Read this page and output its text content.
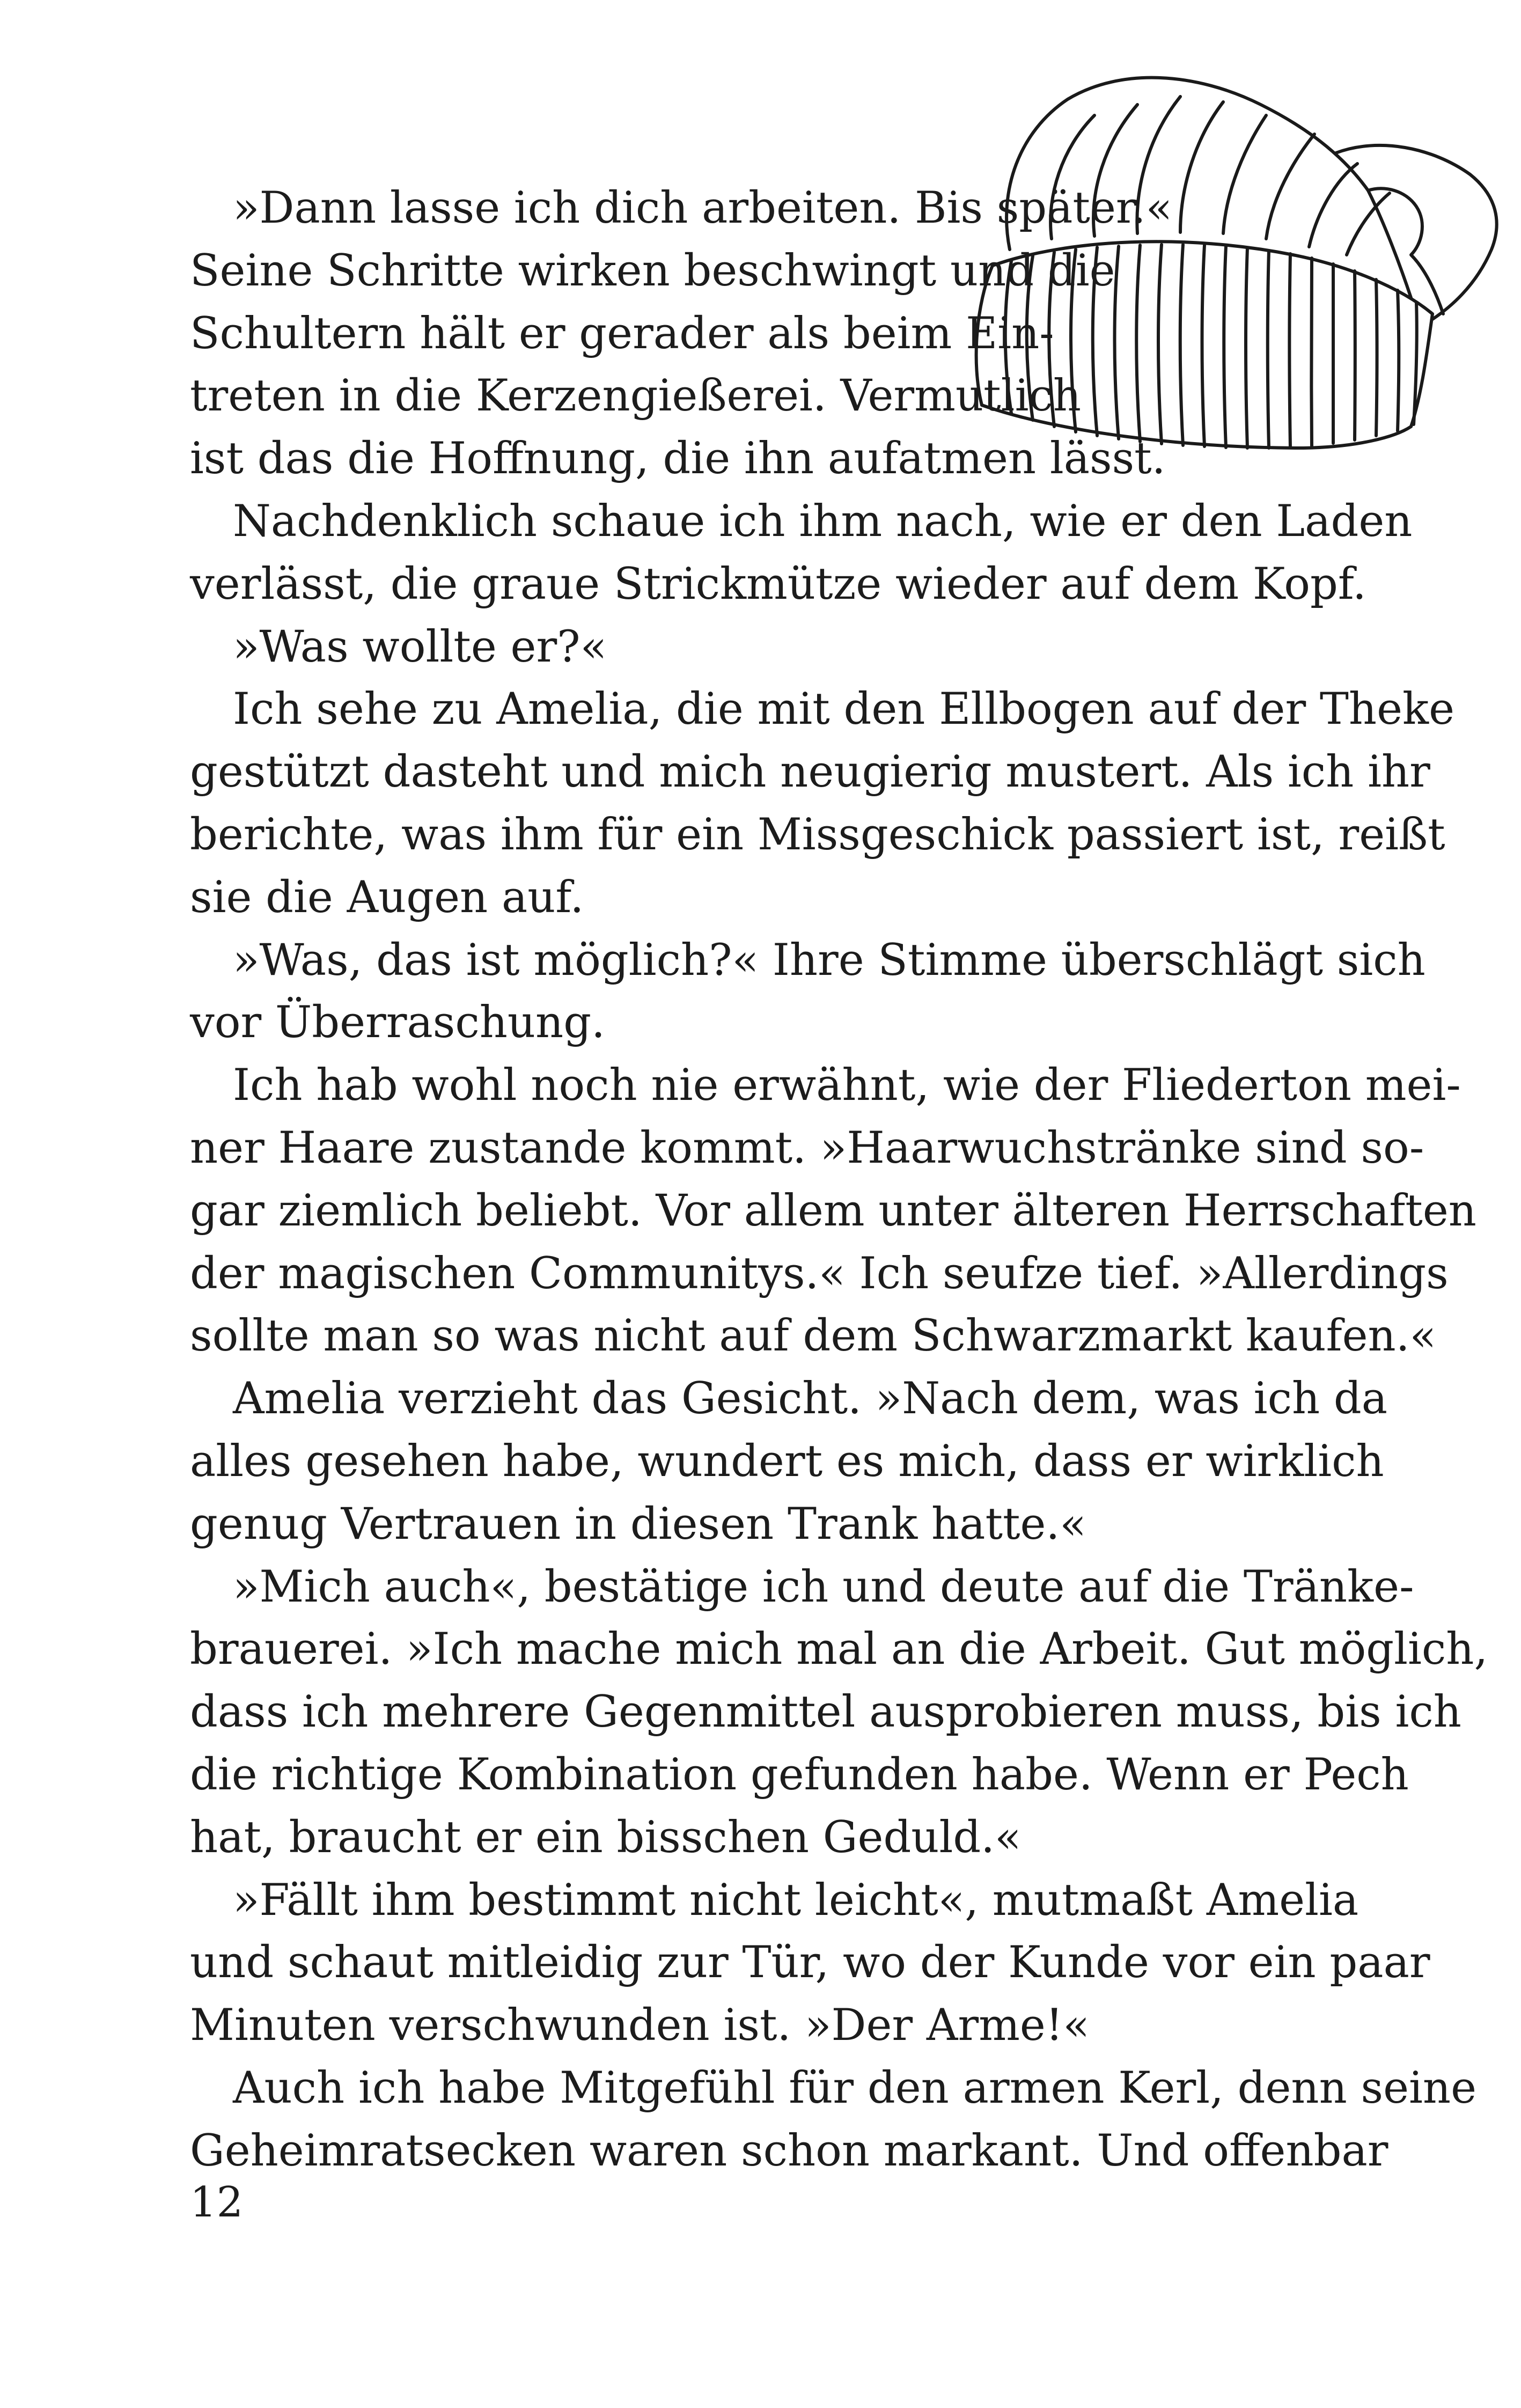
»Dann lasse ich dich arbeiten. Bis später.«
Seine Schritte wirken beschwingt und die
Schultern hält er gerader als beim Ein-
treten in die Kerzengießerei. Vermutlich
ist das die Hoffnung, die ihn aufatmen lässt.
Nachdenklich schaue ich ihm nach, wie er den Laden
verlässt, die graue Strickmütze wieder auf dem Kopf.
»Was wollte er?«
Ich sehe zu Amelia, die mit den Ellbogen auf der Theke
gestützt dasteht und mich neugierig mustert. Als ich ihr
berichte, was ihm für ein Missgeschick passiert ist, reißt
sie die Augen auf.
»Was, das ist möglich?« Ihre Stimme überschlägt sich
vor Überraschung.
Ich hab wohl noch nie erwähnt, wie der Fliederton mei-
ner Haare zustande kommt. »Haarwuchstränke sind so-
gar ziemlich beliebt. Vor allem unter älteren Herrschaften
der magischen Communitys.« Ich seufze tief. »Allerdings
sollte man so was nicht auf dem Schwarzmarkt kaufen.«
Amelia verzieht das Gesicht. »Nach dem, was ich da
alles gesehen habe, wundert es mich, dass er wirklich
genug Vertrauen in diesen Trank hatte.«
»Mich auch«, bestätige ich und deute auf die Tränke-
brauerei. »Ich mache mich mal an die Arbeit. Gut möglich,
dass ich mehrere Gegenmittel ausprobieren muss, bis ich
die richtige Kombination gefunden habe. Wenn er Pech
hat, braucht er ein bisschen Geduld.«
»Fällt ihm bestimmt nicht leicht«, mutmaßt Amelia
und schaut mitleidig zur Tür, wo der Kunde vor ein paar
Minuten verschwunden ist. »Der Arme!«
Auch ich habe Mitgefühl für den armen Kerl, denn seine
Geheimratsecken waren schon markant. Und offenbar
12
